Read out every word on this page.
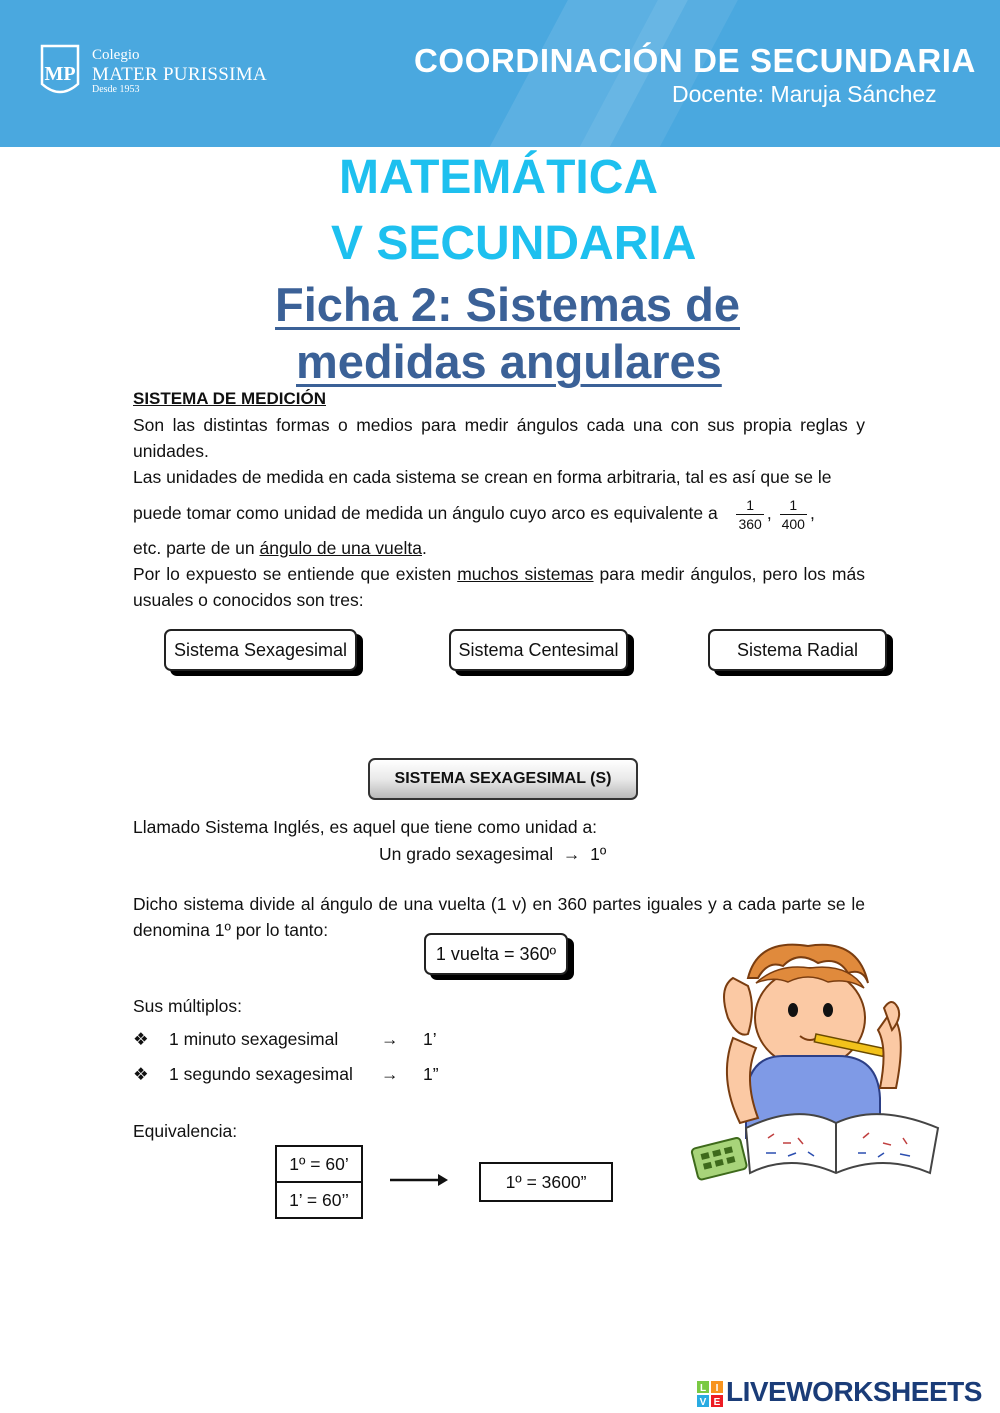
MP
Colegio
MATER PURISSIMA
Desde 1953
COORDINACIÓN DE SECUNDARIA
Docente: Maruja Sánchez
MATEMÁTICA
V SECUNDARIA
Ficha 2: Sistemas de
medidas angulares
SISTEMA DE MEDICIÓN
Son las distintas formas o medios para medir ángulos cada una con sus propia reglas y unidades.
Las unidades de medida en cada sistema se crean en forma arbitraria, tal es así que se le
puede tomar como unidad de medida un ángulo cuyo arco es equivalente a $\frac{1}{360}$ , $\frac{1}{400}$ ,
etc. parte de un ángulo de una vuelta.
Por lo expuesto se entiende que existen muchos sistemas para medir ángulos, pero los más usuales o conocidos son tres:
Sistema Sexagesimal	Sistema Centesimal	Sistema Radial
SISTEMA SEXAGESIMAL (S)
Llamado Sistema Inglés, es aquel que tiene como unidad a:
Un grado sexagesimal → 1º
Dicho sistema divide al ángulo de una vuelta (1 v) en 360 partes iguales y a cada parte se le denomina 1º por lo tanto:
1 vuelta = 360º
Sus múltiplos:
❖ 1 minuto sexagesimal → 1’
❖ 1 segundo sexagesimal → 1”
Equivalencia:
1º = 60’
1’ = 60’’
1º = 3600”
L I
V E LIVEWORKSHEETS
